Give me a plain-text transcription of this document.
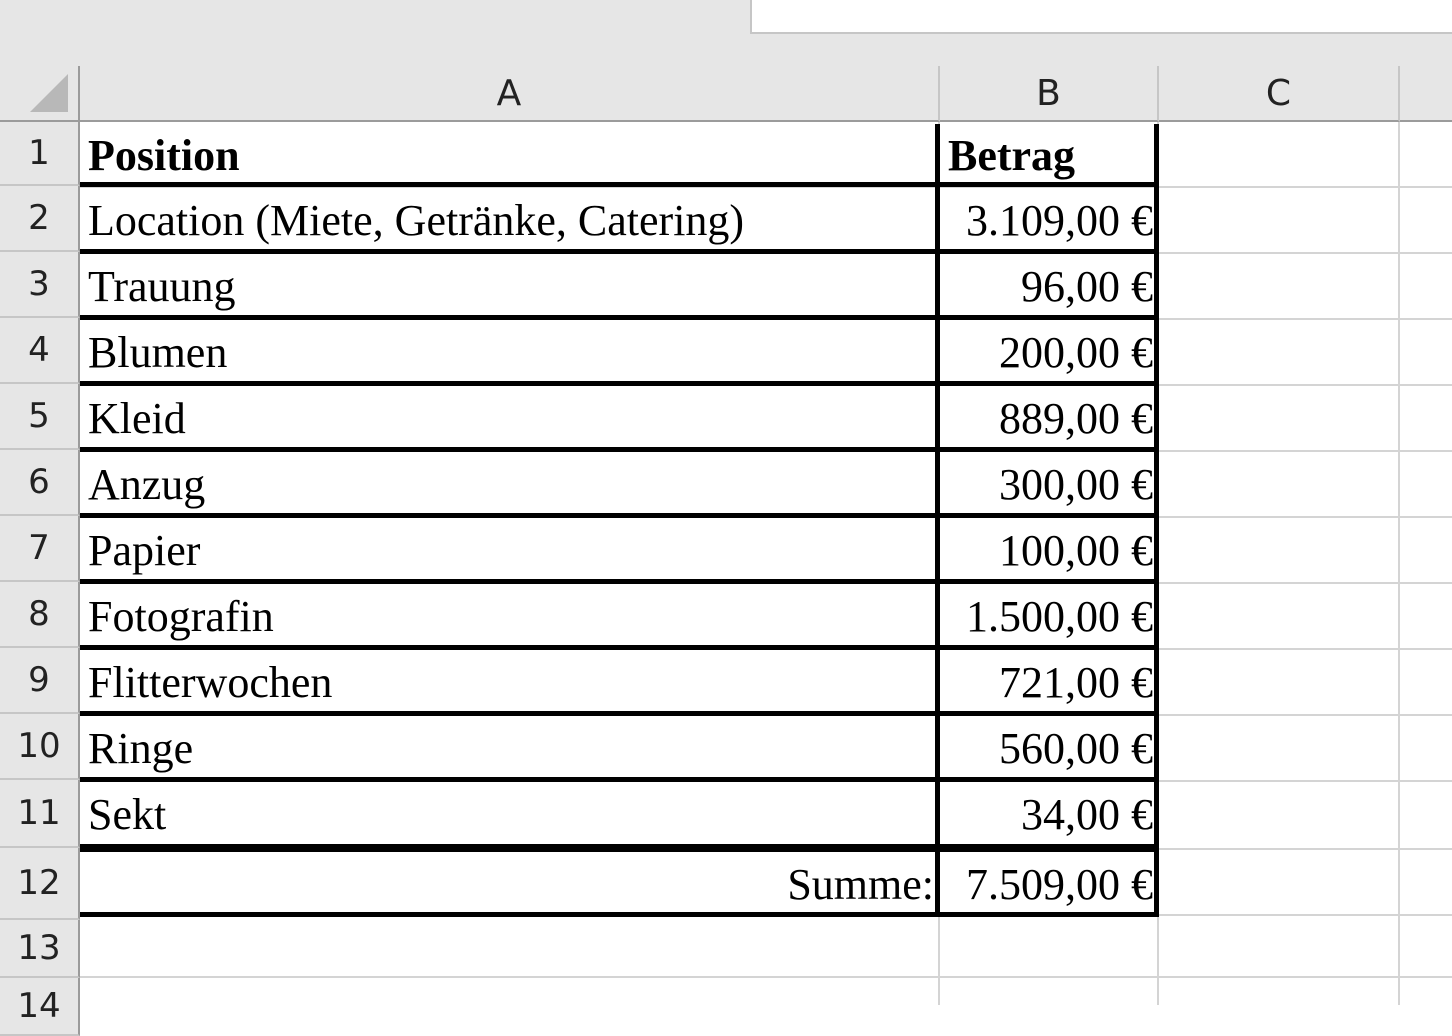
A	B	C
1
2
3
4
5
6
7
8
9
10
11
12
13
14
Position	Betrag
Location (Miete, Getränke, Catering)	3.109,00 €
Trauung	96,00 €
Blumen	200,00 €
Kleid	889,00 €
Anzug	300,00 €
Papier	100,00 €
Fotografin	1.500,00 €
Flitterwochen	721,00 €
Ringe	560,00 €
Sekt	34,00 €
Summe: 7.509,00 €
